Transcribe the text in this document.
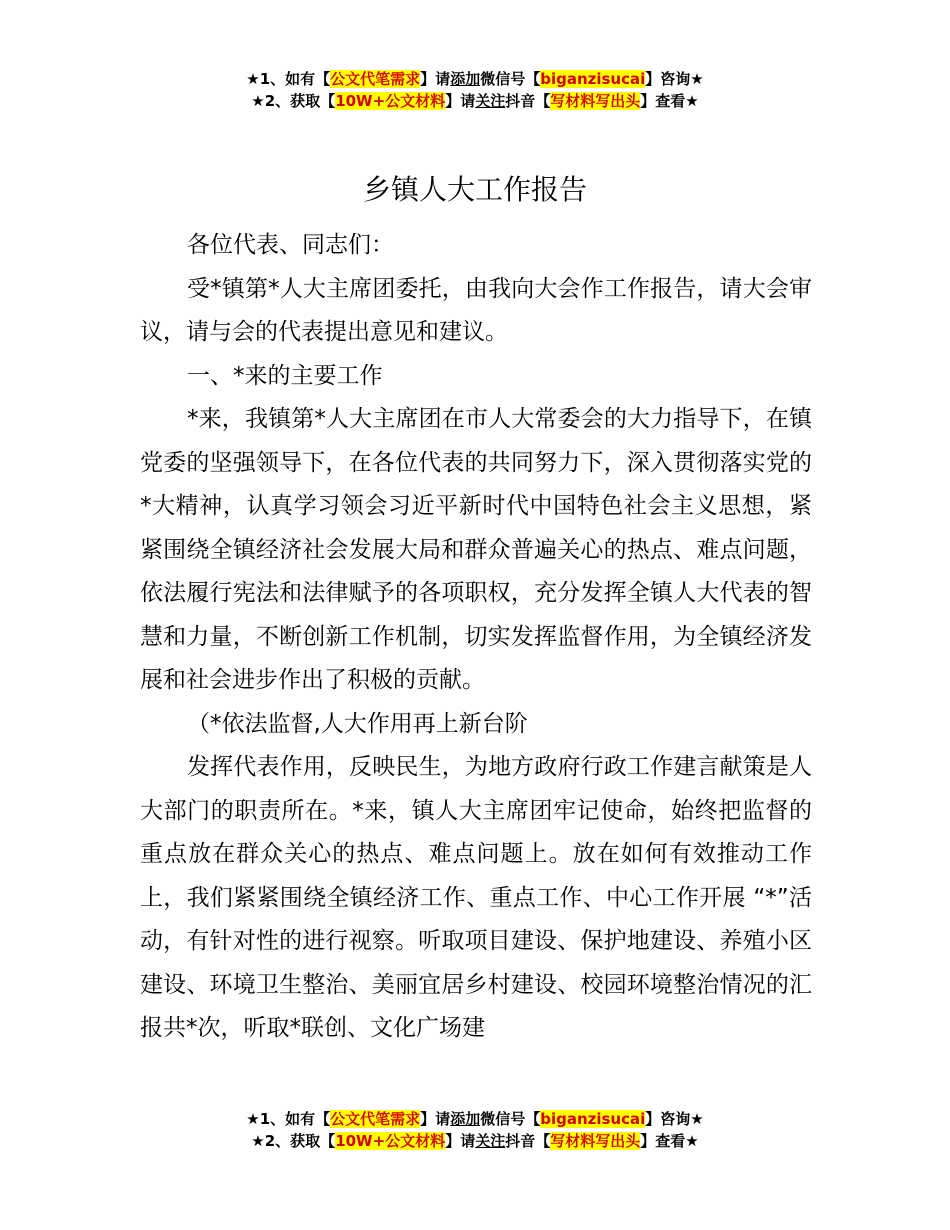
★1、如有【公文代笔需求】请添加微信号【biganzisucai】咨询★
★2、获取【10W+公文材料】请关注抖音【写材料写出头】查看★
乡镇人大工作报告

各位代表、同志们：

受*镇第*人大主席团委托，由我向大会作工作报告，请大会审议，请与会的代表提出意见和建议。

一、*来的主要工作

*来，我镇第*人大主席团在市人大常委会的大力指导下，在镇党委的坚强领导下，在各位代表的共同努力下，深入贯彻落实党的*大精神，认真学习领会习近平新时代中国特色社会主义思想，紧紧围绕全镇经济社会发展大局和群众普遍关心的热点、难点问题，依法履行宪法和法律赋予的各项职权，充分发挥全镇人大代表的智慧和力量，不断创新工作机制，切实发挥监督作用，为全镇经济发展和社会进步作出了积极的贡献。

（*依法监督,人大作用再上新台阶

发挥代表作用，反映民生，为地方政府行政工作建言献策是人大部门的职责所在。*来，镇人大主席团牢记使命，始终把监督的重点放在群众关心的热点、难点问题上。放在如何有效推动工作上，我们紧紧围绕全镇经济工作、重点工作、中心工作开展 “*”活动，有针对性的进行视察。听取项目建设、保护地建设、养殖小区建设、环境卫生整治、美丽宜居乡村建设、校园环境整治情况的汇报共*次，听取*联创、文化广场建

★1、如有【公文代笔需求】请添加微信号【biganzisucai】咨询★
★2、获取【10W+公文材料】请关注抖音【写材料写出头】查看★
